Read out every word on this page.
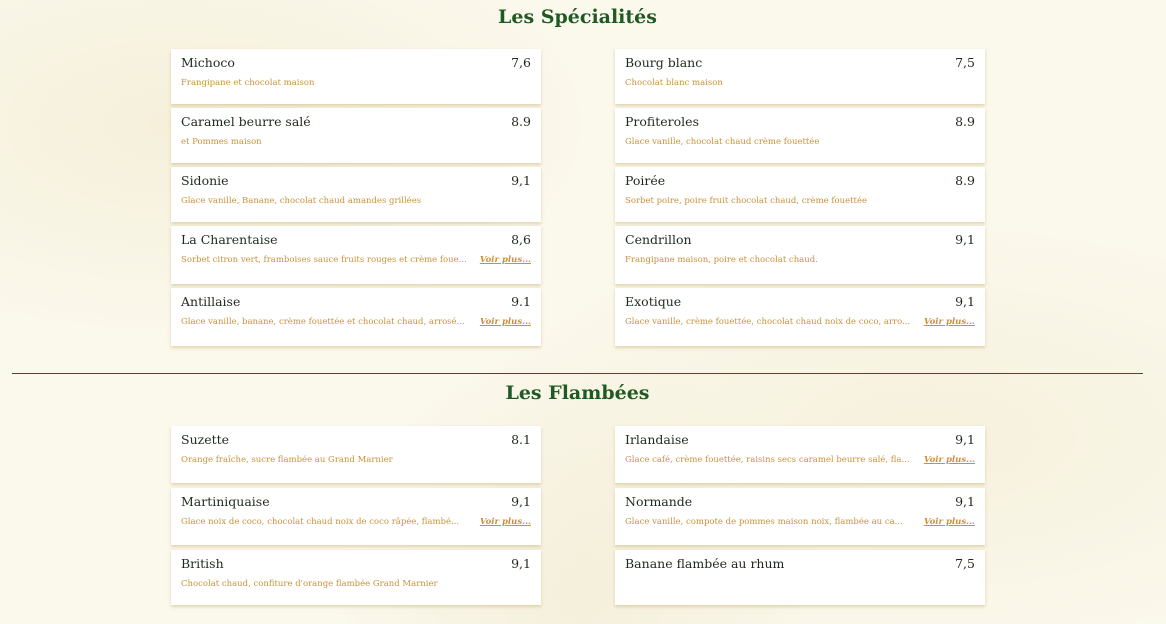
Les Spécialités
Michoco	7,6
Frangipane et chocolat maison
Caramel beurre salé	8.9
et Pommes maison
Sidonie	9,1
Glace vanille, Banane, chocolat chaud amandes grillées
La Charentaise	8,6
Sorbet citron vert, framboises sauce fruits rouges et crème foue... Voir plus...
Antillaise	9.1
Glace vanille, banane, crème fouettée et chocolat chaud, arrosé... Voir plus...
Bourg blanc	7,5
Chocolat blanc maison
Profiteroles	8.9
Glace vanille, chocolat chaud crème fouettée
Poirée	8.9
Sorbet poire, poire fruit chocolat chaud, crème fouettée
Cendrillon	9,1
Frangipane maison, poire et chocolat chaud.
Exotique	9,1
Glace vanille, crème fouettée, chocolat chaud noix de coco, arro... Voir plus...
Les Flambées
Suzette	8.1
Orange fraîche, sucre flambée au Grand Marnier
Martiniquaise	9,1
Glace noix de coco, chocolat chaud noix de coco râpée, flambé... Voir plus...
British	9,1
Chocolat chaud, confiture d'orange flambée Grand Marnier
Irlandaise	9,1
Glace café, crème fouettée, raisins secs caramel beurre salé, fla... Voir plus...
Normande	9,1
Glace vanille, compote de pommes maison noix, flambée au ca... Voir plus...
Banane flambée au rhum	7,5
